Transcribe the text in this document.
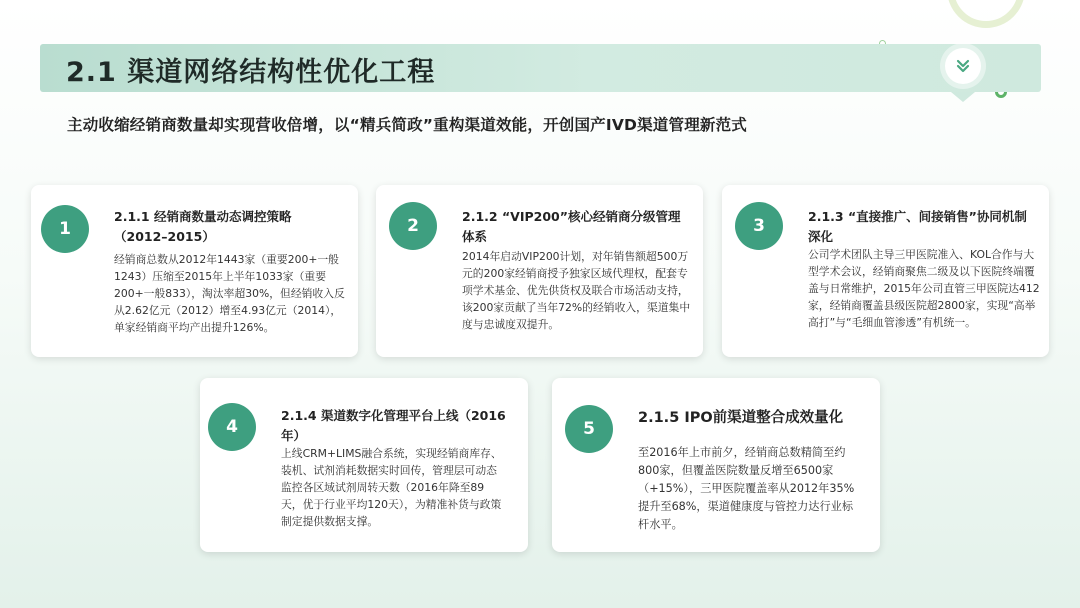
2.1 渠道网络结构性优化工程
主动收缩经销商数量却实现营收倍增，以“精兵简政”重构渠道效能，开创国产IVD渠道管理新范式
1
2.1.1 经销商数量动态调控策略（2012–2015）
经销商总数从2012年1443家（重要200+一般1243）压缩至2015年上半年1033家（重要200+一般833），淘汰率超30%，但经销收入反从2.62亿元（2012）增至4.93亿元（2014），单家经销商平均产出提升126%。
2	2.1.2 “VIP200”核心经销商分级管理体系
2014年启动VIP200计划，对年销售额超500万元的200家经销商授予独家区域代理权，配套专项学术基金、优先供货权及联合市场活动支持，该200家贡献了当年72%的经销收入，渠道集中度与忠诚度双提升。
3	2.1.3 “直接推广、间接销售”协同机制深化
公司学术团队主导三甲医院准入、KOL合作与大型学术会议，经销商聚焦二级及以下医院终端覆盖与日常维护，2015年公司直管三甲医院达412家，经销商覆盖县级医院超2800家，实现“高举高打”与“毛细血管渗透”有机统一。
4
2.1.4 渠道数字化管理平台上线（2016年）
上线CRM+LIMS融合系统，实现经销商库存、装机、试剂消耗数据实时回传，管理层可动态监控各区域试剂周转天数（2016年降至89天，优于行业平均120天），为精准补货与政策制定提供数据支撑。
5
2.1.5 IPO前渠道整合成效量化
至2016年上市前夕，经销商总数精简至约800家，但覆盖医院数量反增至6500家（+15%），三甲医院覆盖率从2012年35%提升至68%，渠道健康度与管控力达行业标杆水平。
